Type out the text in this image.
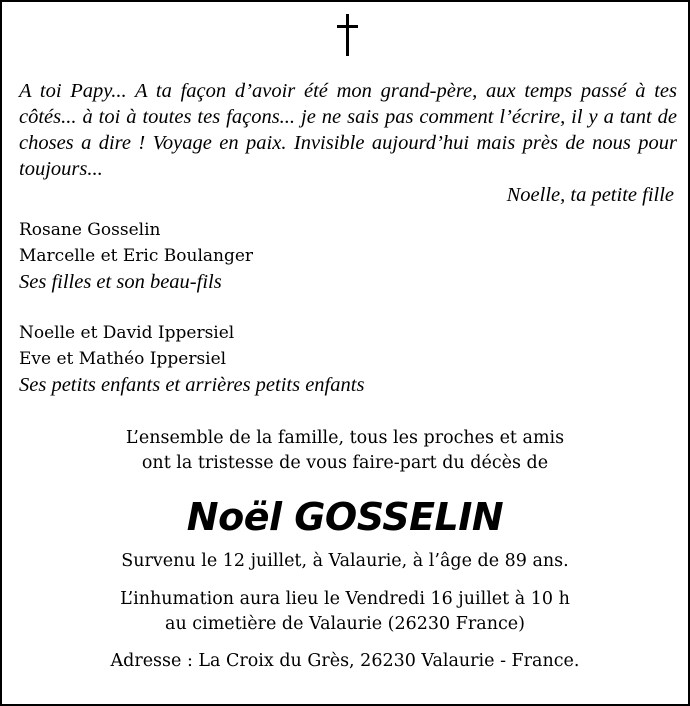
A toi Papy... A ta façon d’avoir été mon grand-père, aux temps passé à tes côtés... à toi à toutes tes façons... je ne sais pas comment l’écrire, il y a tant de choses a dire ! Voyage en paix. Invisible aujourd’hui mais près de nous pour toujours...

Noelle, ta petite fille
Rosane Gosselin
Marcelle et Eric Boulanger
Ses filles et son beau-fils
Noelle et David Ippersiel
Eve et Mathéo Ippersiel
Ses petits enfants et arrières petits enfants
L’ensemble de la famille, tous les proches et amis
ont la tristesse de vous faire-part du décès de
Noël GOSSELIN
Survenu le 12 juillet, à Valaurie, à l’âge de 89 ans.
L’inhumation aura lieu le Vendredi 16 juillet à 10 h
au cimetière de Valaurie (26230 France)
Adresse : La Croix du Grès, 26230 Valaurie - France.
